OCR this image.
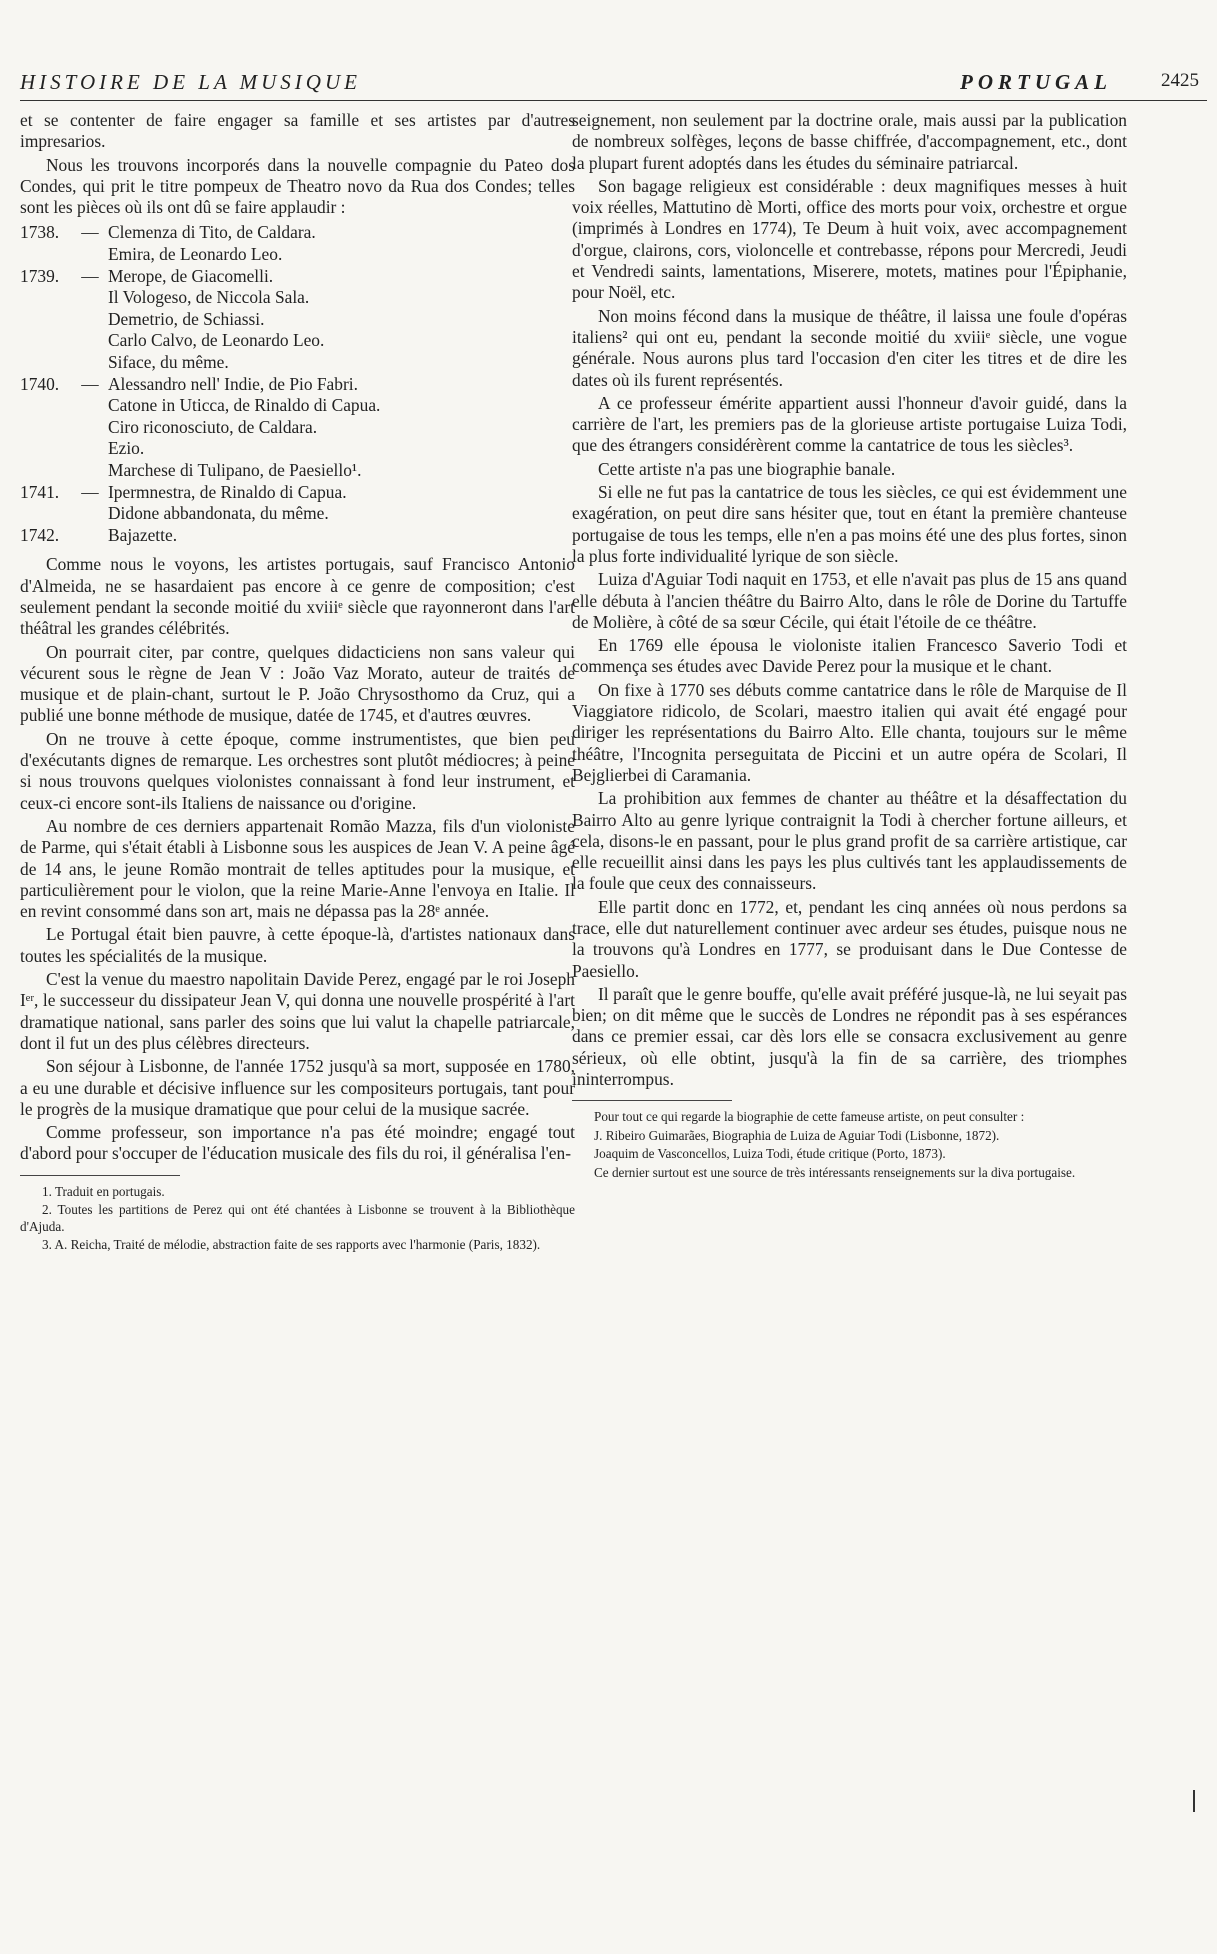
HISTOIRE DE LA MUSIQUE	PORTUGAL	2425

et se contenter de faire engager sa famille et ses artistes par d'autres impresarios.

Nous les trouvons incorporés dans la nouvelle compagnie du Pateo dos Condes, qui prit le titre pompeux de Theatro novo da Rua dos Condes; telles sont les pièces où ils ont dû se faire applaudir :

1738.	— Clemenza di Tito, de Caldara.
Emira, de Leonardo Leo.
1739.	— Merope, de Giacomelli.
Il Vologeso, de Niccola Sala.
Demetrio, de Schiassi.
Carlo Calvo, de Leonardo Leo.
Siface, du même.
1740.	— Alessandro nell' Indie, de Pio Fabri.
Catone in Uticca, de Rinaldo di Capua.
Ciro riconosciuto, de Caldara.
Ezio.
Marchese di Tulipano, de Paesiello¹.
1741.	— Ipermnestra, de Rinaldo di Capua.
Didone abbandonata, du même.
1742.	Bajazette.

Comme nous le voyons, les artistes portugais, sauf Francisco Antonio d'Almeida, ne se hasardaient pas encore à ce genre de composition; c'est seulement pendant la seconde moitié du xviiiᵉ siècle que rayonneront dans l'art théâtral les grandes célébrités.

On pourrait citer, par contre, quelques didacticiens non sans valeur qui vécurent sous le règne de Jean V : João Vaz Morato, auteur de traités de musique et de plain-chant, surtout le P. João Chrysosthomo da Cruz, qui a publié une bonne méthode de musique, datée de 1745, et d'autres œuvres.

On ne trouve à cette époque, comme instrumentistes, que bien peu d'exécutants dignes de remarque. Les orchestres sont plutôt médiocres; à peine si nous trouvons quelques violonistes connaissant à fond leur instrument, et ceux-ci encore sont-ils Italiens de naissance ou d'origine.

Au nombre de ces derniers appartenait Romão Mazza, fils d'un violoniste de Parme, qui s'était établi à Lisbonne sous les auspices de Jean V. A peine âgé de 14 ans, le jeune Romão montrait de telles aptitudes pour la musique, et particulièrement pour le violon, que la reine Marie-Anne l'envoya en Italie. Il en revint consommé dans son art, mais ne dépassa pas la 28ᵉ année.

Le Portugal était bien pauvre, à cette époque-là, d'artistes nationaux dans toutes les spécialités de la musique.

C'est la venue du maestro napolitain Davide Perez, engagé par le roi Joseph Iᵉʳ, le successeur du dissipateur Jean V, qui donna une nouvelle prospérité à l'art dramatique national, sans parler des soins que lui valut la chapelle patriarcale, dont il fut un des plus célèbres directeurs.

Son séjour à Lisbonne, de l'année 1752 jusqu'à sa mort, supposée en 1780, a eu une durable et décisive influence sur les compositeurs portugais, tant pour le progrès de la musique dramatique que pour celui de la musique sacrée.

Comme professeur, son importance n'a pas été moindre; engagé tout d'abord pour s'occuper de l'éducation musicale des fils du roi, il généralisa l'en-

1. Traduit en portugais.

2. Toutes les partitions de Perez qui ont été chantées à Lisbonne se trouvent à la Bibliothèque d'Ajuda.

3. A. Reicha, Traité de mélodie, abstraction faite de ses rapports avec l'harmonie (Paris, 1832).

seignement, non seulement par la doctrine orale, mais aussi par la publication de nombreux solfèges, leçons de basse chiffrée, d'accompagnement, etc., dont la plupart furent adoptés dans les études du séminaire patriarcal.

Son bagage religieux est considérable : deux magnifiques messes à huit voix réelles, Mattutino dè Morti, office des morts pour voix, orchestre et orgue (imprimés à Londres en 1774), Te Deum à huit voix, avec accompagnement d'orgue, clairons, cors, violoncelle et contrebasse, répons pour Mercredi, Jeudi et Vendredi saints, lamentations, Miserere, motets, matines pour l'Épiphanie, pour Noël, etc.

Non moins fécond dans la musique de théâtre, il laissa une foule d'opéras italiens² qui ont eu, pendant la seconde moitié du xviiiᵉ siècle, une vogue générale. Nous aurons plus tard l'occasion d'en citer les titres et de dire les dates où ils furent représentés.

A ce professeur émérite appartient aussi l'honneur d'avoir guidé, dans la carrière de l'art, les premiers pas de la glorieuse artiste portugaise Luiza Todi, que des étrangers considérèrent comme la cantatrice de tous les siècles³.

Cette artiste n'a pas une biographie banale.

Si elle ne fut pas la cantatrice de tous les siècles, ce qui est évidemment une exagération, on peut dire sans hésiter que, tout en étant la première chanteuse portugaise de tous les temps, elle n'en a pas moins été une des plus fortes, sinon la plus forte individualité lyrique de son siècle.

Luiza d'Aguiar Todi naquit en 1753, et elle n'avait pas plus de 15 ans quand elle débuta à l'ancien théâtre du Bairro Alto, dans le rôle de Dorine du Tartuffe de Molière, à côté de sa sœur Cécile, qui était l'étoile de ce théâtre.

En 1769 elle épousa le violoniste italien Francesco Saverio Todi et commença ses études avec Davide Perez pour la musique et le chant.

On fixe à 1770 ses débuts comme cantatrice dans le rôle de Marquise de Il Viaggiatore ridicolo, de Scolari, maestro italien qui avait été engagé pour diriger les représentations du Bairro Alto. Elle chanta, toujours sur le même théâtre, l'Incognita perseguitata de Piccini et un autre opéra de Scolari, Il Bejglierbei di Caramania.

La prohibition aux femmes de chanter au théâtre et la désaffectation du Bairro Alto au genre lyrique contraignit la Todi à chercher fortune ailleurs, et cela, disons-le en passant, pour le plus grand profit de sa carrière artistique, car elle recueillit ainsi dans les pays les plus cultivés tant les applaudissements de la foule que ceux des connaisseurs.

Elle partit donc en 1772, et, pendant les cinq années où nous perdons sa trace, elle dut naturellement continuer avec ardeur ses études, puisque nous ne la trouvons qu'à Londres en 1777, se produisant dans le Due Contesse de Paesiello.

Il paraît que le genre bouffe, qu'elle avait préféré jusque-là, ne lui seyait pas bien; on dit même que le succès de Londres ne répondit pas à ses espérances dans ce premier essai, car dès lors elle se consacra exclusivement au genre sérieux, où elle obtint, jusqu'à la fin de sa carrière, des triomphes ininterrompus.

Pour tout ce qui regarde la biographie de cette fameuse artiste, on peut consulter :

J. Ribeiro Guimarães, Biographia de Luiza de Aguiar Todi (Lisbonne, 1872).

Joaquim de Vasconcellos, Luiza Todi, étude critique (Porto, 1873).

Ce dernier surtout est une source de très intéressants renseignements sur la diva portugaise.
